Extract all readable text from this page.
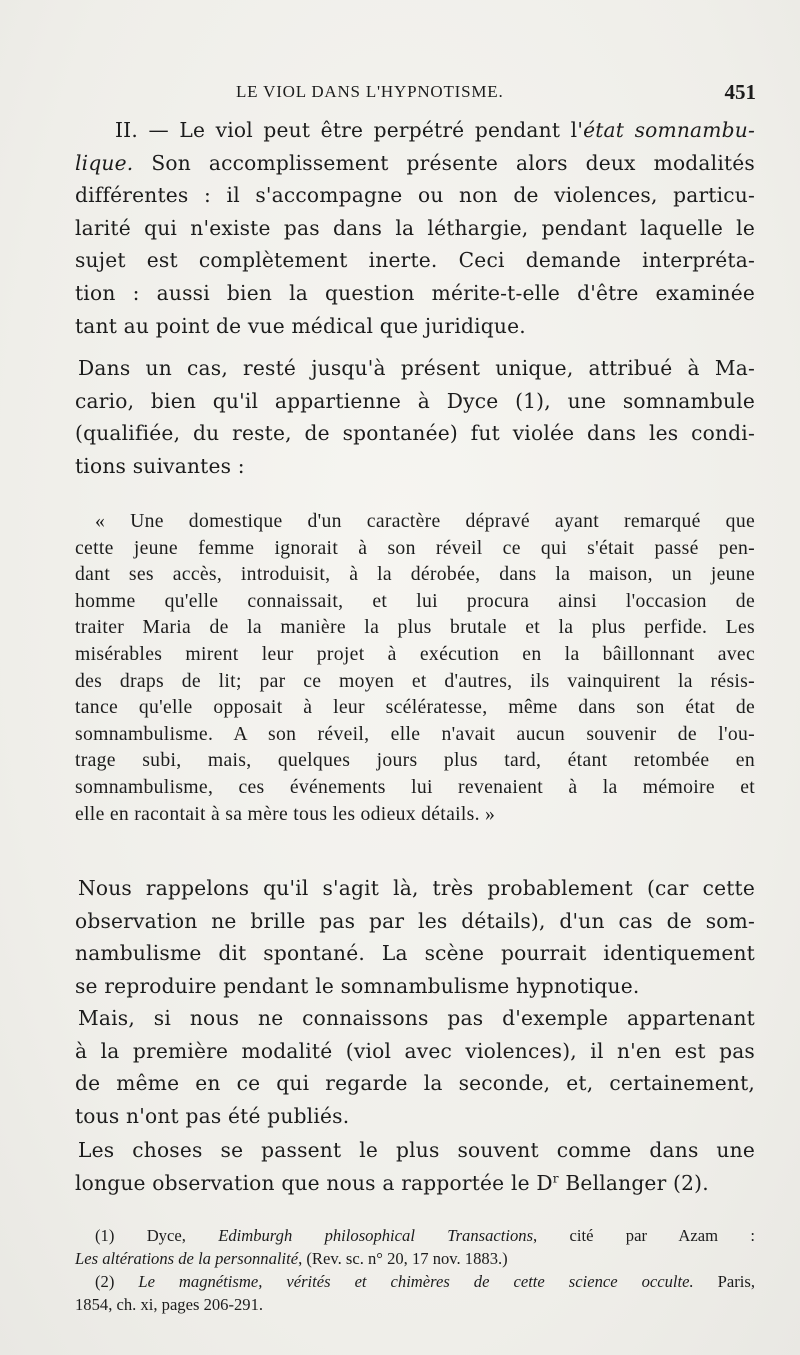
LE VIOL DANS L'HYPNOTISME.	451
II. — Le viol peut être perpétré pendant l'état somnambu-
lique. Son accomplissement présente alors deux modalités
différentes : il s'accompagne ou non de violences, particu-
larité qui n'existe pas dans la léthargie, pendant laquelle le
sujet est complètement inerte. Ceci demande interpréta-
tion : aussi bien la question mérite-t-elle d'être examinée
tant au point de vue médical que juridique.
Dans un cas, resté jusqu'à présent unique, attribué à Ma-
cario, bien qu'il appartienne à Dyce (1), une somnambule
(qualifiée, du reste, de spontanée) fut violée dans les condi-
tions suivantes :
« Une domestique d'un caractère dépravé ayant remarqué que
cette jeune femme ignorait à son réveil ce qui s'était passé pen-
dant ses accès, introduisit, à la dérobée, dans la maison, un jeune
homme qu'elle connaissait, et lui procura ainsi l'occasion de
traiter Maria de la manière la plus brutale et la plus perfide. Les
misérables mirent leur projet à exécution en la bâillonnant avec
des draps de lit; par ce moyen et d'autres, ils vainquirent la résis-
tance qu'elle opposait à leur scélératesse, même dans son état de
somnambulisme. A son réveil, elle n'avait aucun souvenir de l'ou-
trage subi, mais, quelques jours plus tard, étant retombée en
somnambulisme, ces événements lui revenaient à la mémoire et
elle en racontait à sa mère tous les odieux détails. »
Nous rappelons qu'il s'agit là, très probablement (car cette
observation ne brille pas par les détails), d'un cas de som-
nambulisme dit spontané. La scène pourrait identiquement
se reproduire pendant le somnambulisme hypnotique.
Mais, si nous ne connaissons pas d'exemple appartenant
à la première modalité (viol avec violences), il n'en est pas
de même en ce qui regarde la seconde, et, certainement,
tous n'ont pas été publiés.
Les choses se passent le plus souvent comme dans une
longue observation que nous a rapportée le $D^r$ Bellanger (2).
(1) Dyce, Edimburgh philosophical Transactions, cité par Azam :
Les altérations de la personnalité, (Rev. sc. n° 20, 17 nov. 1883.)
(2) Le magnétisme, vérités et chimères de cette science occulte. Paris,
1854, ch. xi, pages 206-291.
